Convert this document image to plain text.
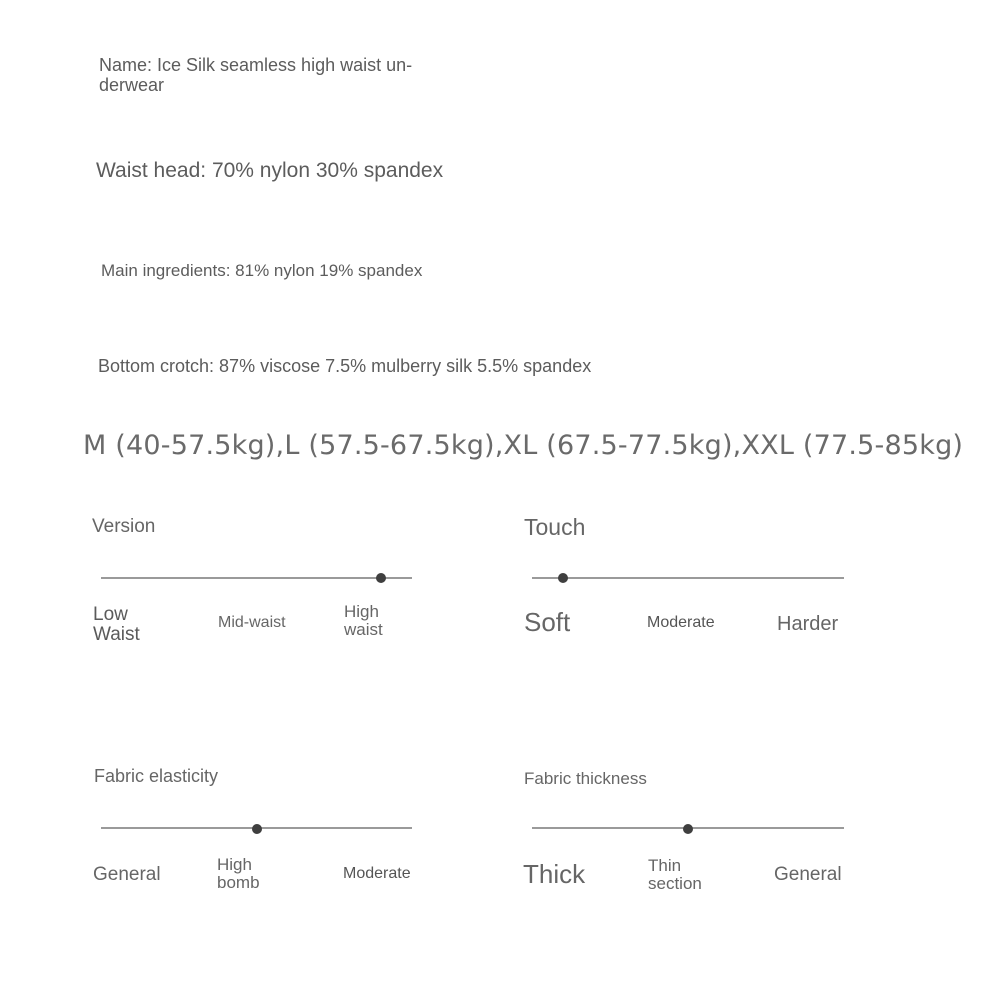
Name: Ice Silk seamless high waist underwear
Waist head: 70% nylon 30% spandex
Main ingredients: 81% nylon 19% spandex
Bottom crotch: 87% viscose 7.5% mulberry silk 5.5% spandex
M (40-57.5kg),L (57.5-67.5kg),XL (67.5-77.5kg),XXL (77.5-85kg)
Version
Low Waist
Mid-waist
High waist
Touch
Soft	Moderate	Harder
Fabric elasticity
General	High bomb	Moderate
Fabric thickness
Thick	Thin section	General
